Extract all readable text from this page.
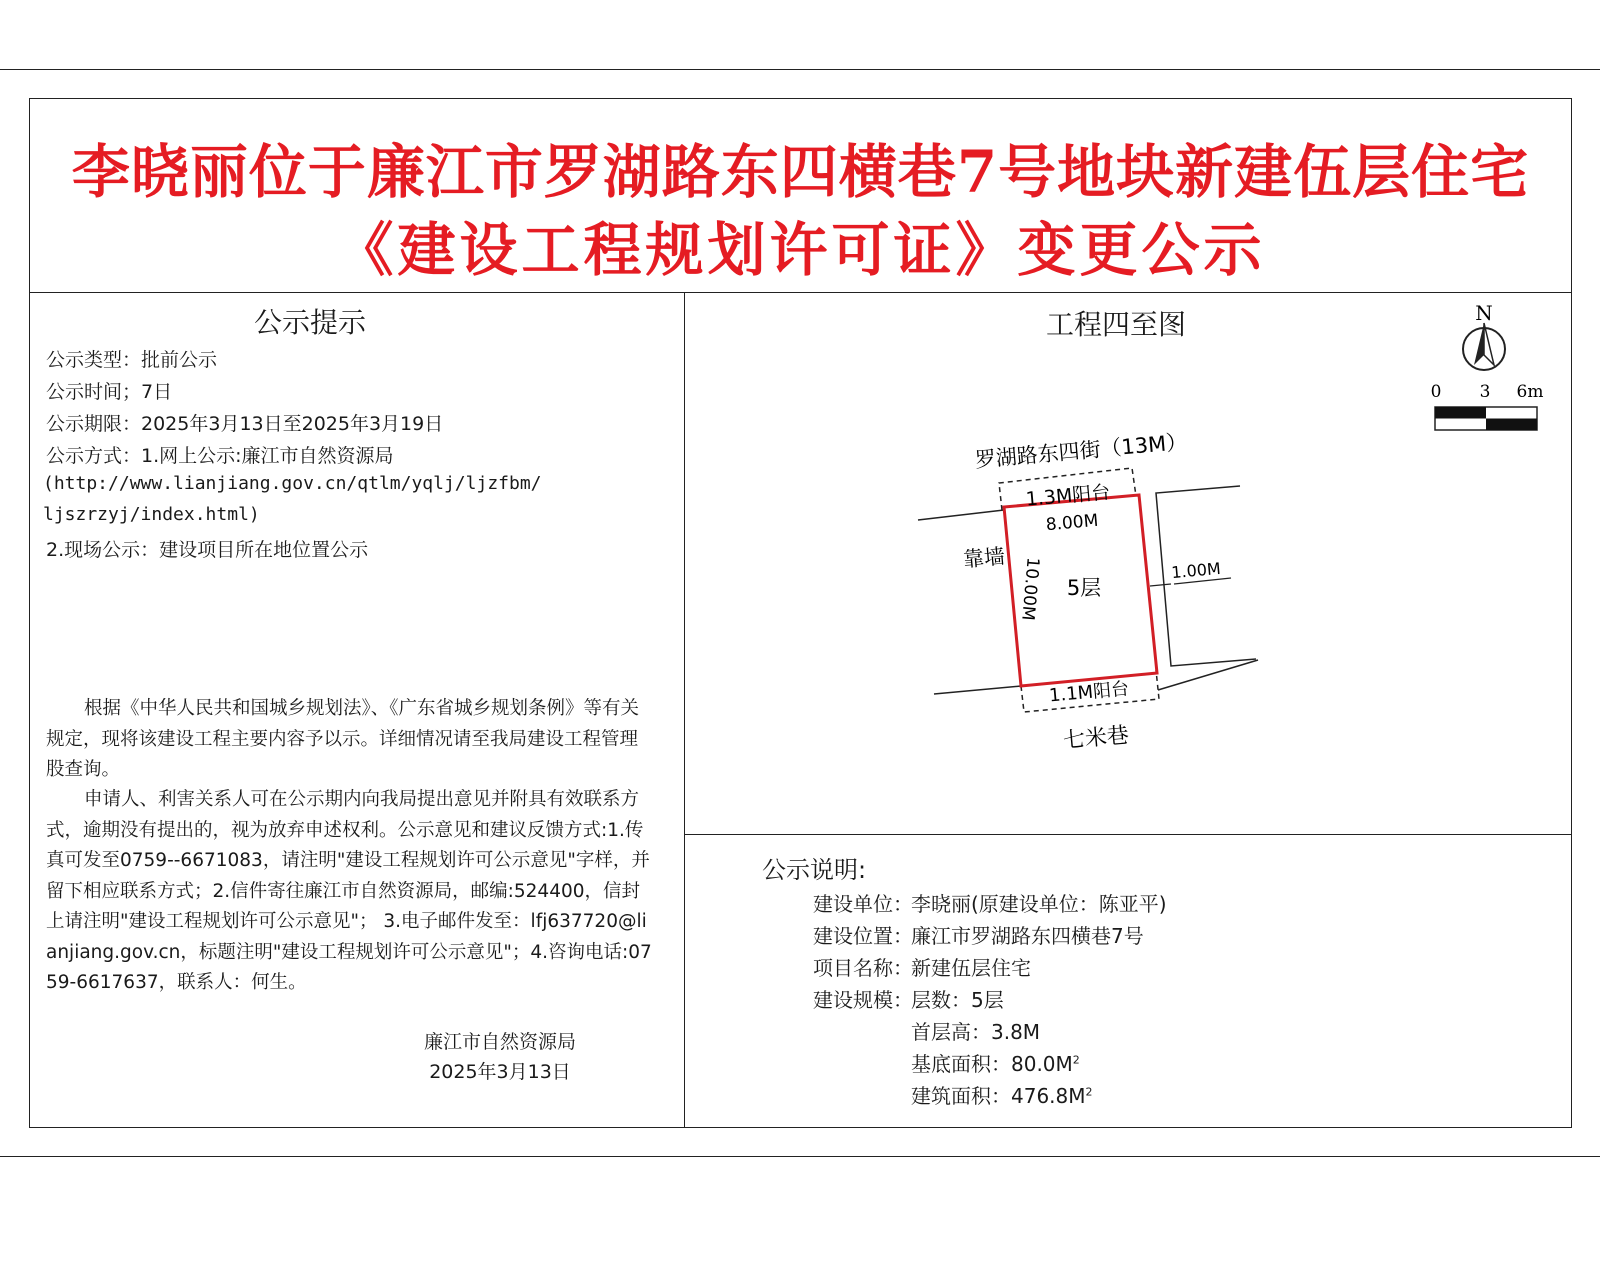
李晓丽位于廉江市罗湖路东四横巷7号地块新建伍层住宅
《建设工程规划许可证》变更公示
公示提示
公示类型：批前公示
公示时间；7日
公示期限：2025年3月13日至2025年3月19日
公示方式：1.网上公示:廉江市自然资源局
(http://www.lianjiang.gov.cn/qtlm/yqlj/ljzfbm/
ljszrzyj/index.html)
2.现场公示：建设项目所在地位置公示
根据《中华人民共和国城乡规划法》、《广东省城乡规划条例》等有关规定，现将该建设工程主要内容予以示。详细情况请至我局建设工程管理股查询。
申请人、利害关系人可在公示期内向我局提出意见并附具有效联系方式，逾期没有提出的，视为放弃申述权利。公示意见和建议反馈方式:1.传真可发至0759--6671083，请注明"建设工程规划许可公示意见"字样，并留下相应联系方式；2.信件寄往廉江市自然资源局，邮编:524400，信封上请注明"建设工程规划许可公示意见"； 3.电子邮件发至：lfj637720@lianjiang.gov.cn，标题注明"建设工程规划许可公示意见"；4.咨询电话:0759-6617637，联系人：何生。
廉江市自然资源局
2025年3月13日
工程四至图	N
0 3 6m
罗湖路东四街（13M）
1.3M阳台
8.00M
靠墙 10.00M 5层
1.00M
1.1M阳台
七米巷
公示说明:
建设单位：李晓丽(原建设单位：陈亚平)
建设位置：廉江市罗湖路东四横巷7号
项目名称：新建伍层住宅
建设规模：层数：5层
首层高：3.8M
基底面积：$80.0M^2$
建筑面积：$476.8M^2$
